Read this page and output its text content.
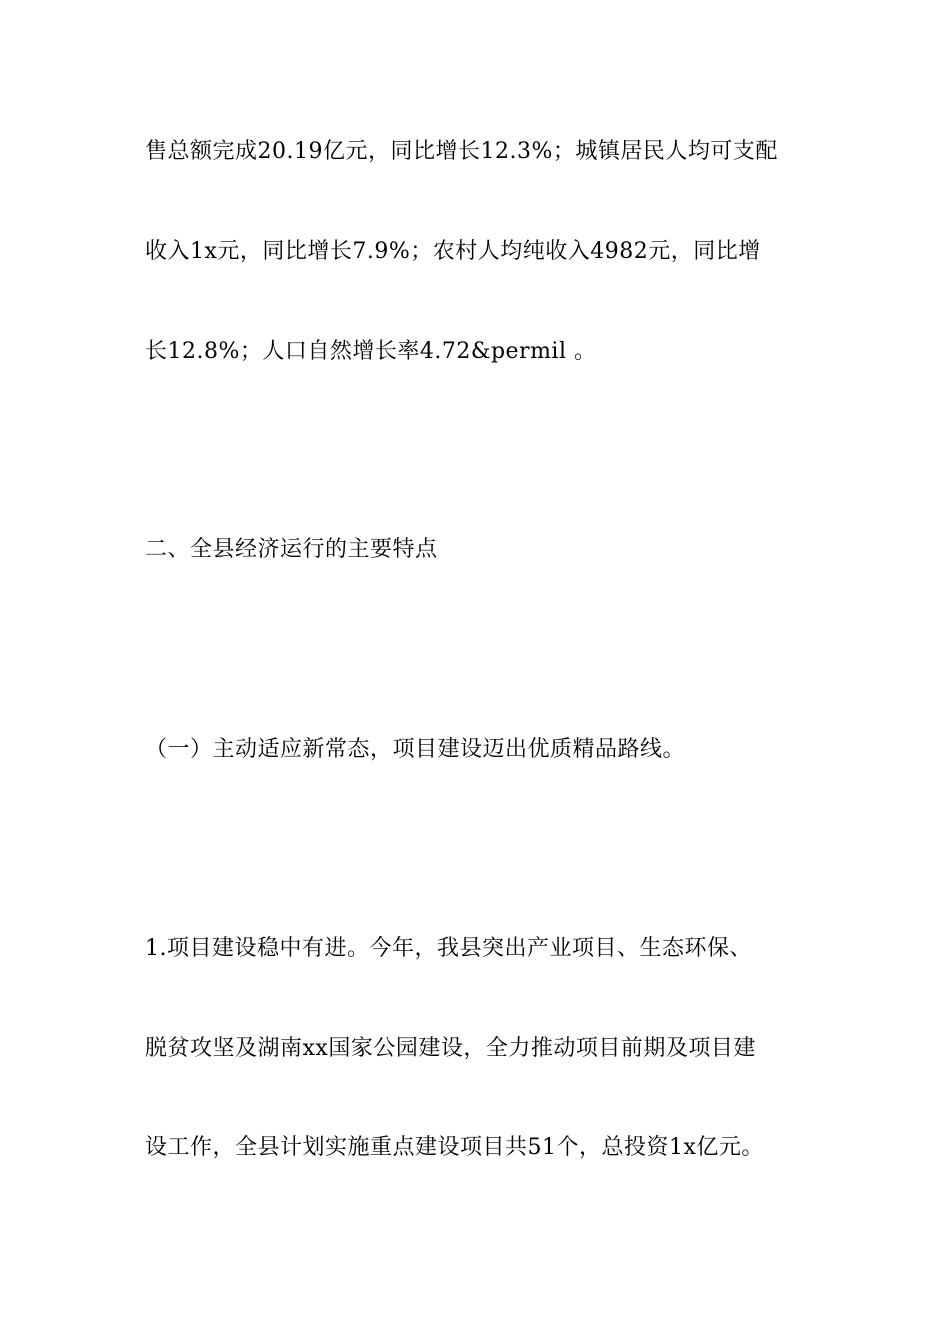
售总额完成20.19亿元，同比增长12.3%；城镇居民人均可支配

收入1x元，同比增长7.9%；农村人均纯收入4982元，同比增

长12.8%；人口自然增长率4.72&permil 。

二、全县经济运行的主要特点

（一）主动适应新常态，项目建设迈出优质精品路线。

1.项目建设稳中有进。今年，我县突出产业项目、生态环保、

脱贫攻坚及湖南xx国家公园建设，全力推动项目前期及项目建

设工作，全县计划实施重点建设项目共51个，总投资1x亿元。
